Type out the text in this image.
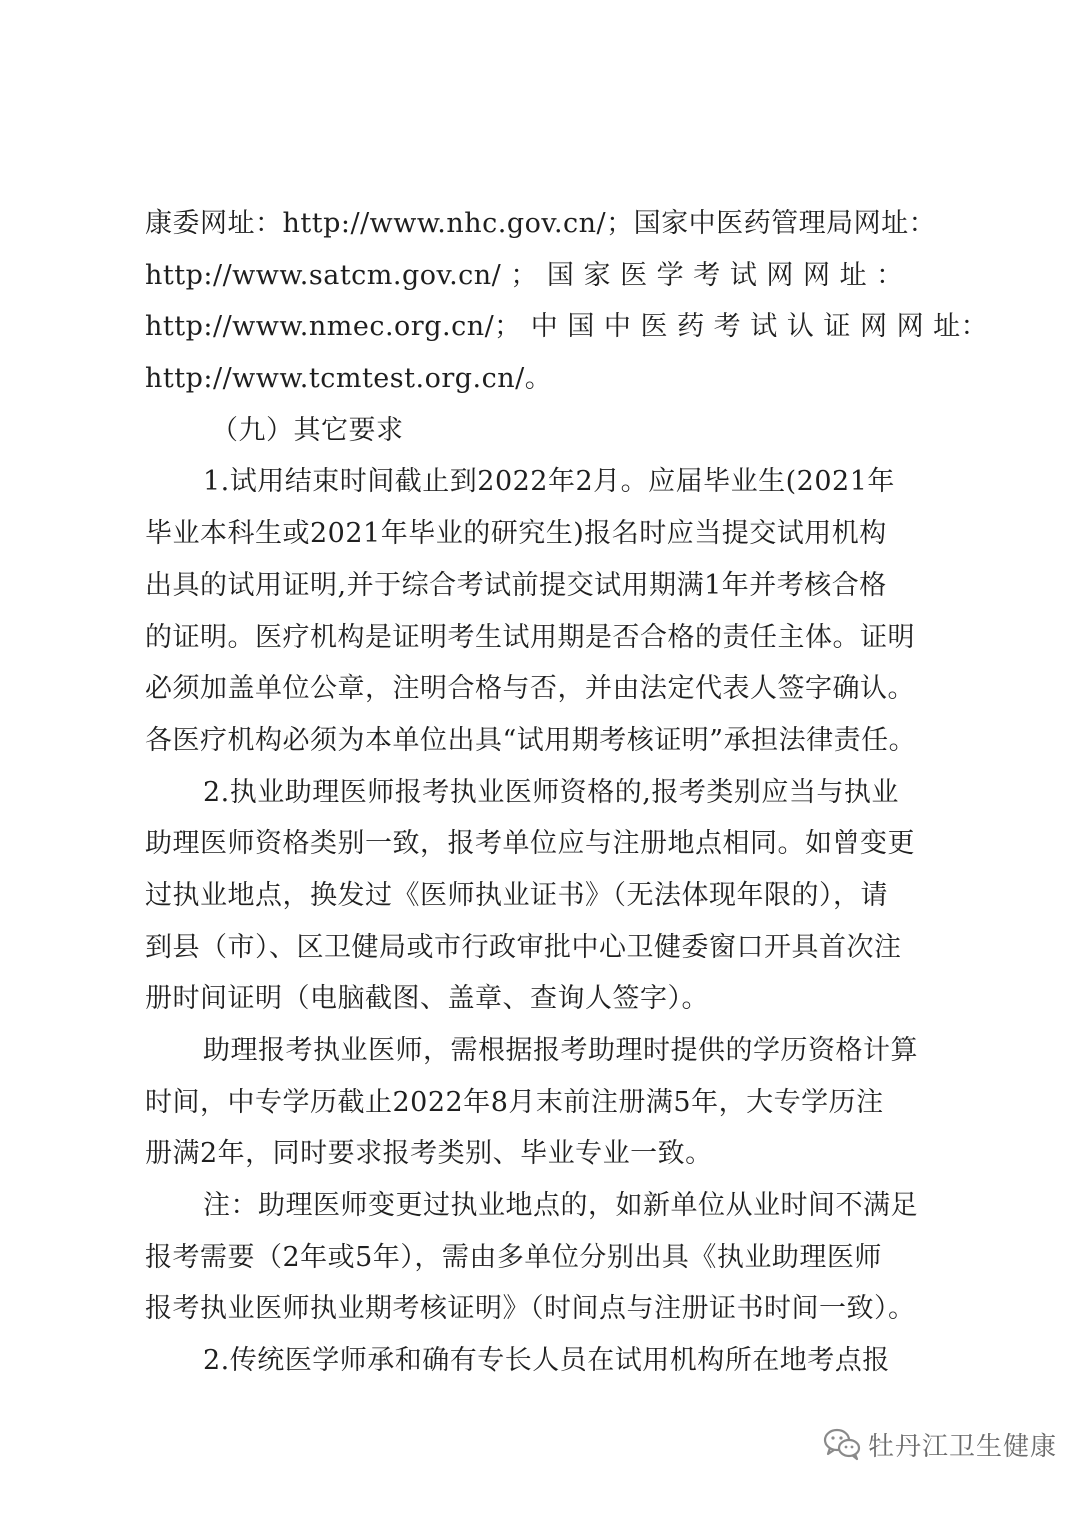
康委网址：http://www.nhc.gov.cn/；国家中医药管理局网址：
http://www.satcm.gov.cn/ ； 国 家 医 学 考 试 网 网 址 ：
http://www.nmec.org.cn/； 中 国 中 医 药 考 试 认 证 网 网 址：
http://www.tcmtest.org.cn/。
（九）其它要求
1.试用结束时间截止到2022年2月。应届毕业生(2021年
毕业本科生或2021年毕业的研究生)报名时应当提交试用机构
出具的试用证明,并于综合考试前提交试用期满1年并考核合格
的证明。医疗机构是证明考生试用期是否合格的责任主体。证明
必须加盖单位公章，注明合格与否，并由法定代表人签字确认。
各医疗机构必须为本单位出具“试用期考核证明”承担法律责任。
2.执业助理医师报考执业医师资格的,报考类别应当与执业
助理医师资格类别一致，报考单位应与注册地点相同。如曾变更
过执业地点，换发过《医师执业证书》（无法体现年限的），请
到县（市）、区卫健局或市行政审批中心卫健委窗口开具首次注
册时间证明（电脑截图、盖章、查询人签字）。
助理报考执业医师，需根据报考助理时提供的学历资格计算
时间，中专学历截止2022年8月末前注册满5年，大专学历注
册满2年，同时要求报考类别、毕业专业一致。
注：助理医师变更过执业地点的，如新单位从业时间不满足
报考需要（2年或5年），需由多单位分别出具《执业助理医师
报考执业医师执业期考核证明》（时间点与注册证书时间一致）。
2.传统医学师承和确有专长人员在试用机构所在地考点报
牡丹江卫生健康
